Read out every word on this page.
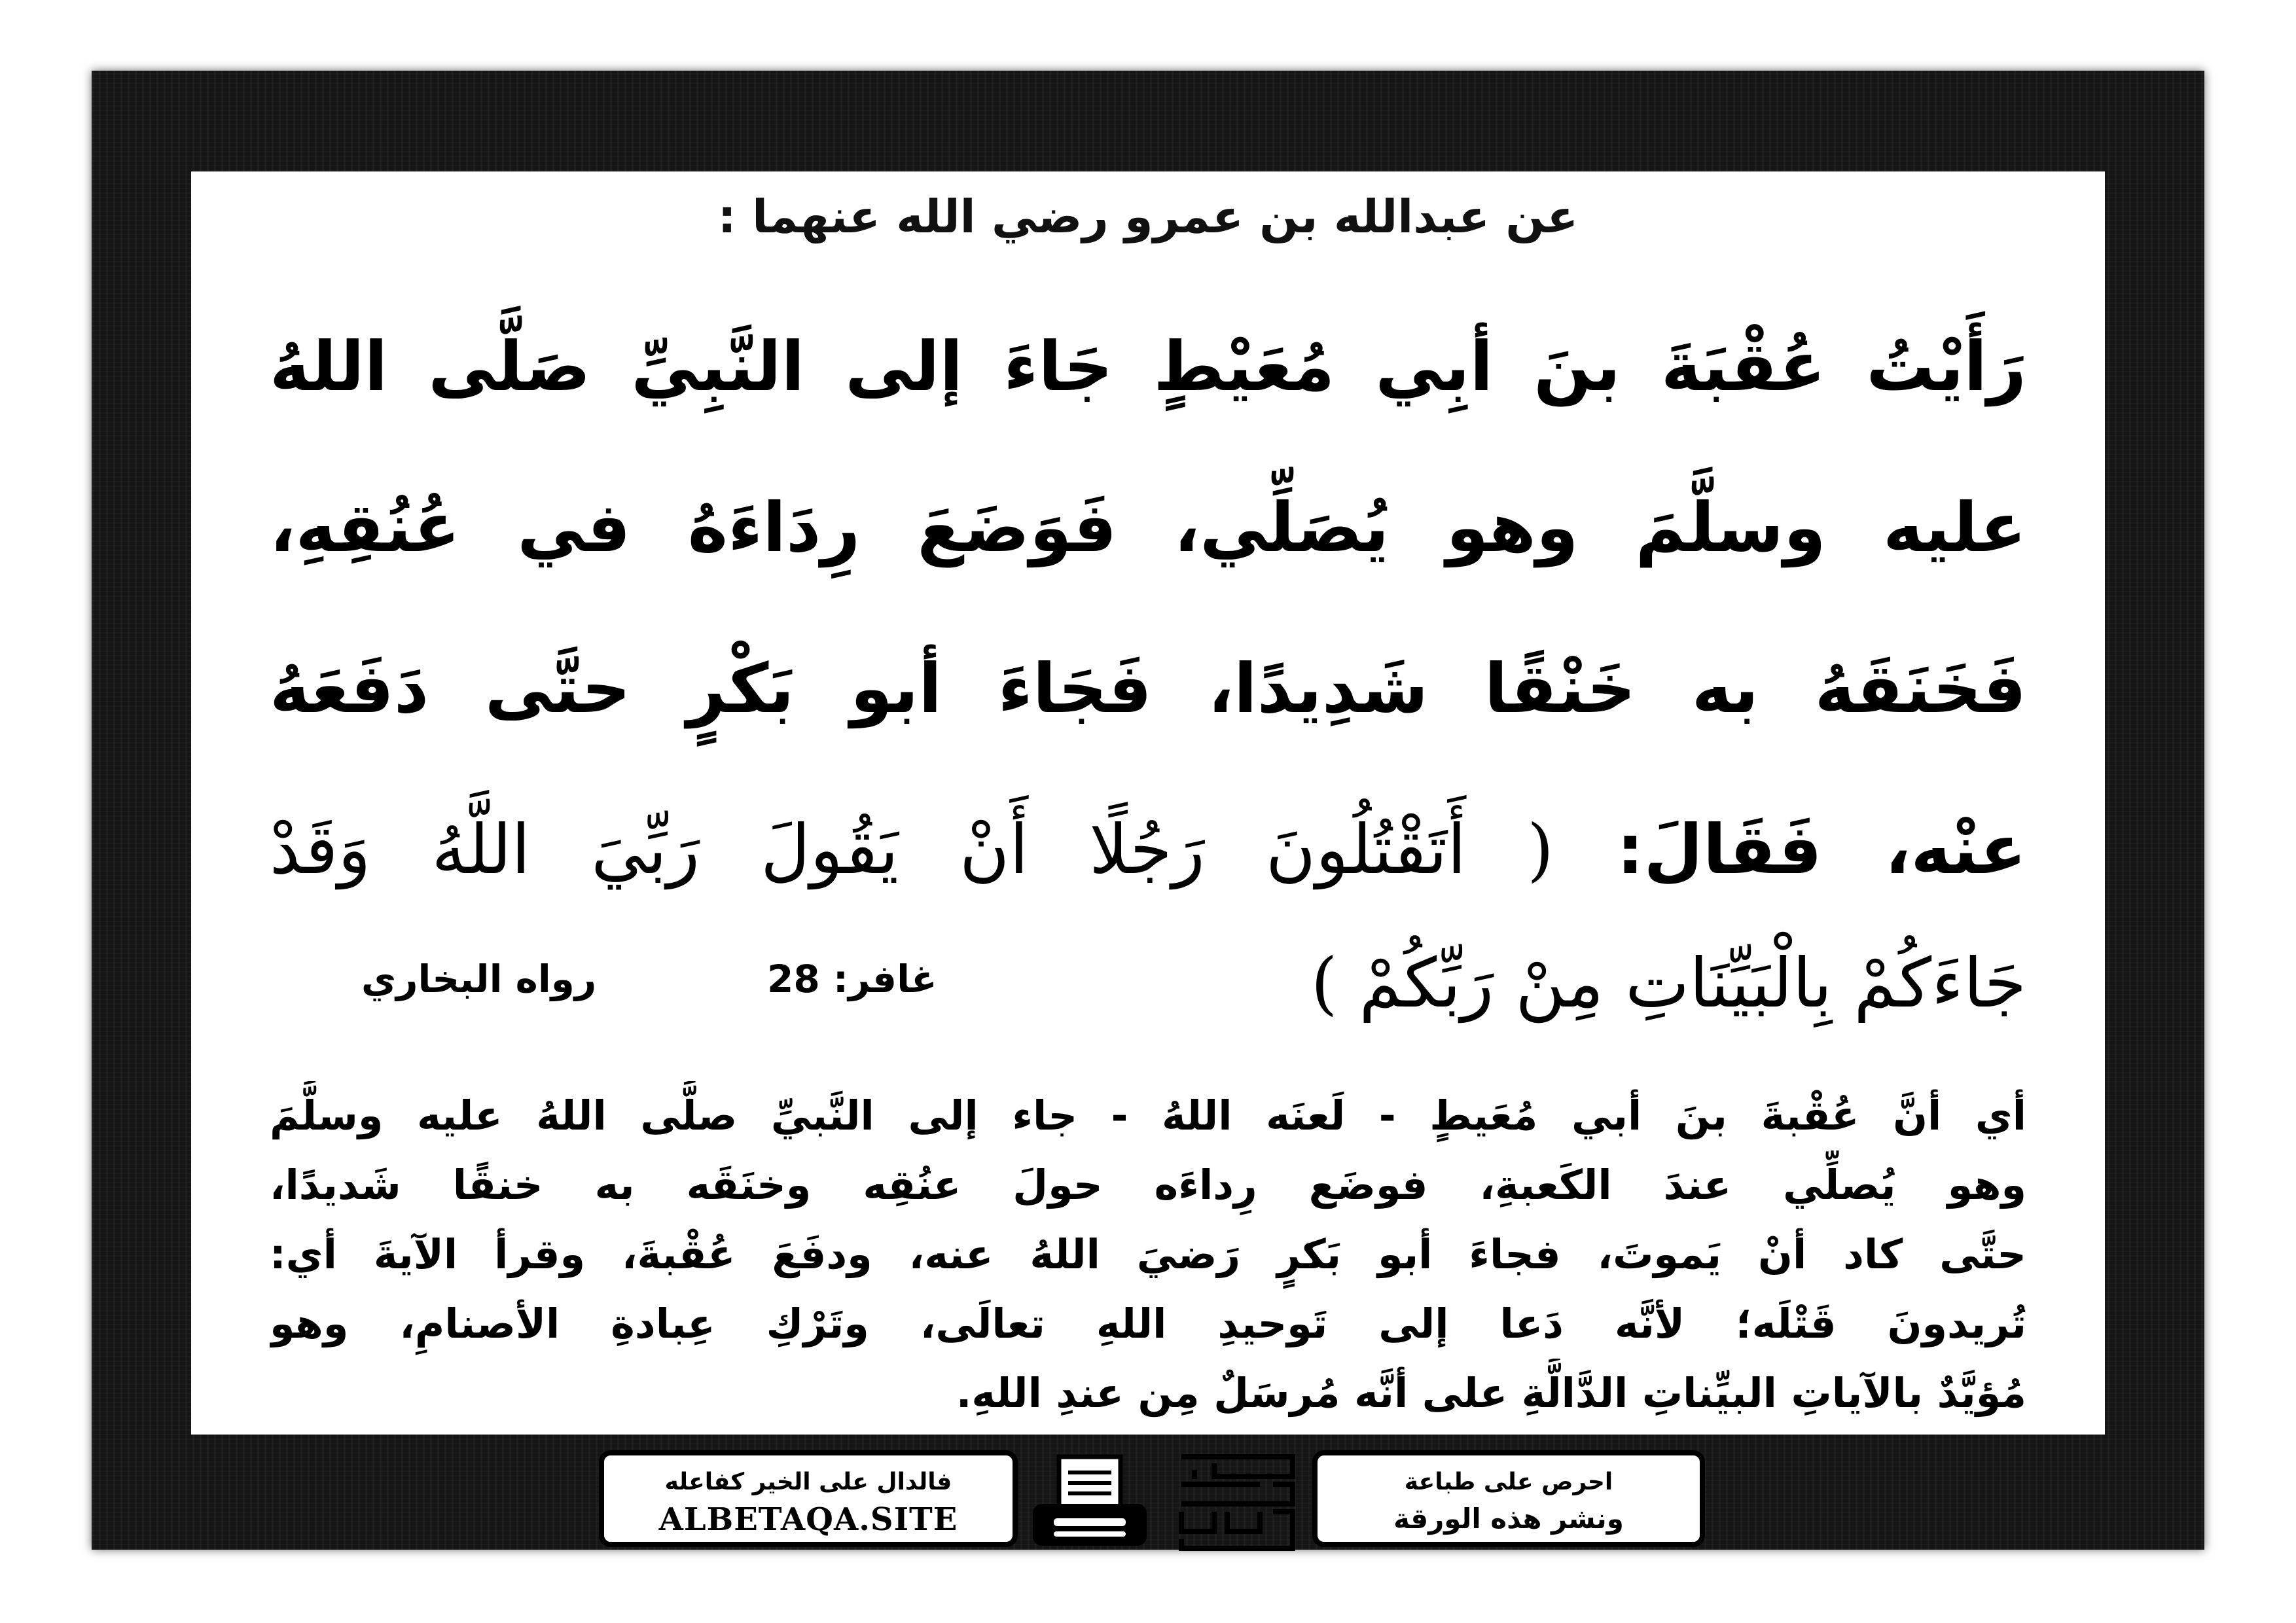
عن عبدالله بن عمرو رضي الله عنهما :
رَأَيْتُ عُقْبَةَ بنَ أبِي مُعَيْطٍ جَاءَ إلى النَّبِيِّ صَلَّى اللهُ
عليه وسلَّمَ وهو يُصَلِّي، فَوَضَعَ رِدَاءَهُ في عُنُقِهِ،
فَخَنَقَهُ به خَنْقًا شَدِيدًا، فَجَاءَ أبو بَكْرٍ حتَّى دَفَعَهُ
عنْه، فَقَالَ: ( أَتَقْتُلُونَ رَجُلًا أَنْ يَقُولَ رَبِّيَ اللَّهُ وَقَدْ
جَاءَكُمْ بِالْبَيِّنَاتِ مِنْ رَبِّكُمْ )
غافر: 28
رواه البخاري
أي أنَّ عُقْبةَ بنَ أبي مُعَيطٍ - لَعنَه اللهُ - جاء إلى النَّبيِّ صلَّى اللهُ عليه وسلَّمَ
وهو يُصلِّي عندَ الكَعبةِ، فوضَع رِداءَه حولَ عنُقِه وخنَقَه به خنقًا شَديدًا،
حتَّى كاد أنْ يَموتَ، فجاءَ أبو بَكرٍ رَضيَ اللهُ عنه، ودفَعَ عُقْبةَ، وقرأ الآيةَ أي:
تُريدونَ قَتْلَه؛ لأنَّه دَعا إلى تَوحيدِ اللهِ تعالَى، وتَرْكِ عِبادةِ الأصنامِ، وهو
مُؤيَّدٌ بالآياتِ البيِّناتِ الدَّالَّةِ على أنَّه مُرسَلٌ مِن عندِ اللهِ.
فالدال على الخير كفاعله
ALBETAQA.SITE
احرص على طباعة
ونشر هذه الورقة
